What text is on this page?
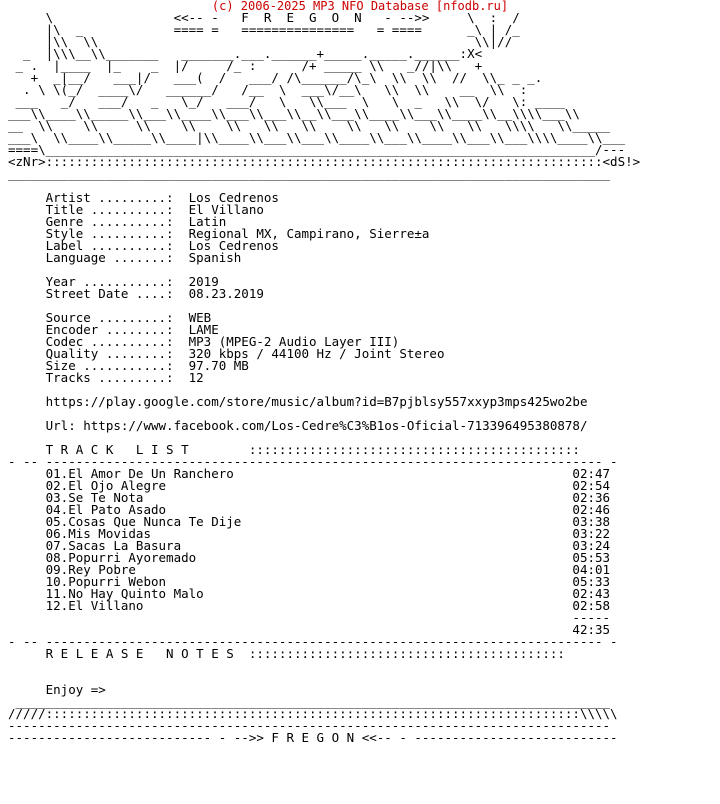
(c) 2006-2025 MP3 NFO Database [nfodb.ru]
\                <<-- -   F  R  E  G  O  N   - -->>     \  :  /
|\  _            ==== =   ===============   = ====      _\ | /_
|\\  \\                                                  \\|//
_  |\\\__\\_______   _______.___.______+_____._____.______:X<
_ .  |____  |_    _  |/     /_ :      /+ _____ \\   _//|\\   +
+  _|__/   ___|/   ___(  /   ___/ /\______/\_\  \\  \\  //  \\_ _ _.
. \ \(_/  ____\/   ______/   /__  \  ___\/__\   \\  \\    __  \\  :
___   _/   ___/   _   \_/   ___/   \   \\___  \   \  _   \\  \/   \: ____
___\\____\\_____\\___\\____\\___\\___\\__\\___\\____\\___\\____\\__\\\\___\\
__  \\    \\     \\    \\    \\   \\   \\    \\   \\    \\   \\   \\\\   \\_____
___\  \\____\\_____\\____|\\____\\___\\___\\____\\___\\____\\___\\___\\\\____\\___
====\_________________________________________________________________________/---
<zNr>::::::::::::::::::::::::::::::::::::::::::::::::::::::::::::::::::::::::::<dS!>
________________________________________________________________________________
Artist .........:  Los Cedrenos
Title ..........:  El Villano
Genre ..........:  Latin
Style ..........:  Regional MX, Campirano, Sierre±a
Label ..........:  Los Cedrenos
Language .......:  Spanish
Year ...........:  2019
Street Date ....:  08.23.2019
Source .........:  WEB
Encoder ........:  LAME
Codec ..........:  MP3 (MPEG-2 Audio Layer III)
Quality ........:  320 kbps / 44100 Hz / Joint Stereo
Size ...........:  97.70 MB
Tracks .........:  12
https://play.google.com/store/music/album?id=B7pjblsy557xxyp3mps425wo2be
Url: https://www.facebook.com/Los-Cedre%C3%B1os-Oficial-713396495380878/
T R A C K   L I S T        ::::::::::::::::::::::::::::::::::::::::::::
- -- -------------------------------------------------------------------------- -
01.El Amor De Un Ranchero                                             02:47
02.El Ojo Alegre                                                      02:54
03.Se Te Nota                                                         02:36
04.El Pato Asado                                                      02:46
05.Cosas Que Nunca Te Dije                                            03:38
06.Mis Movidas                                                        03:22
07.Sacas La Basura                                                    03:24
08.Popurri Ayoremado                                                  05:53
09.Rey Pobre                                                          04:01
10.Popurri Webon                                                      05:33
11.No Hay Quinto Malo                                                 02:43
12.El Villano                                                         02:58
-----
42:35
- -- -------------------------------------------------------------------------- -
R E L E A S E   N O T E S  ::::::::::::::::::::::::::::::::::::::::::
Enjoy =>
_______________________________________________________________________________
/////:::::::::::::::::::::::::::::::::::::::::::::::::::::::::::::::::::::::\\\\\
--------------------------------------------------------------------------------
--------------------------- - -->> F R E G O N <<-- - ---------------------------
